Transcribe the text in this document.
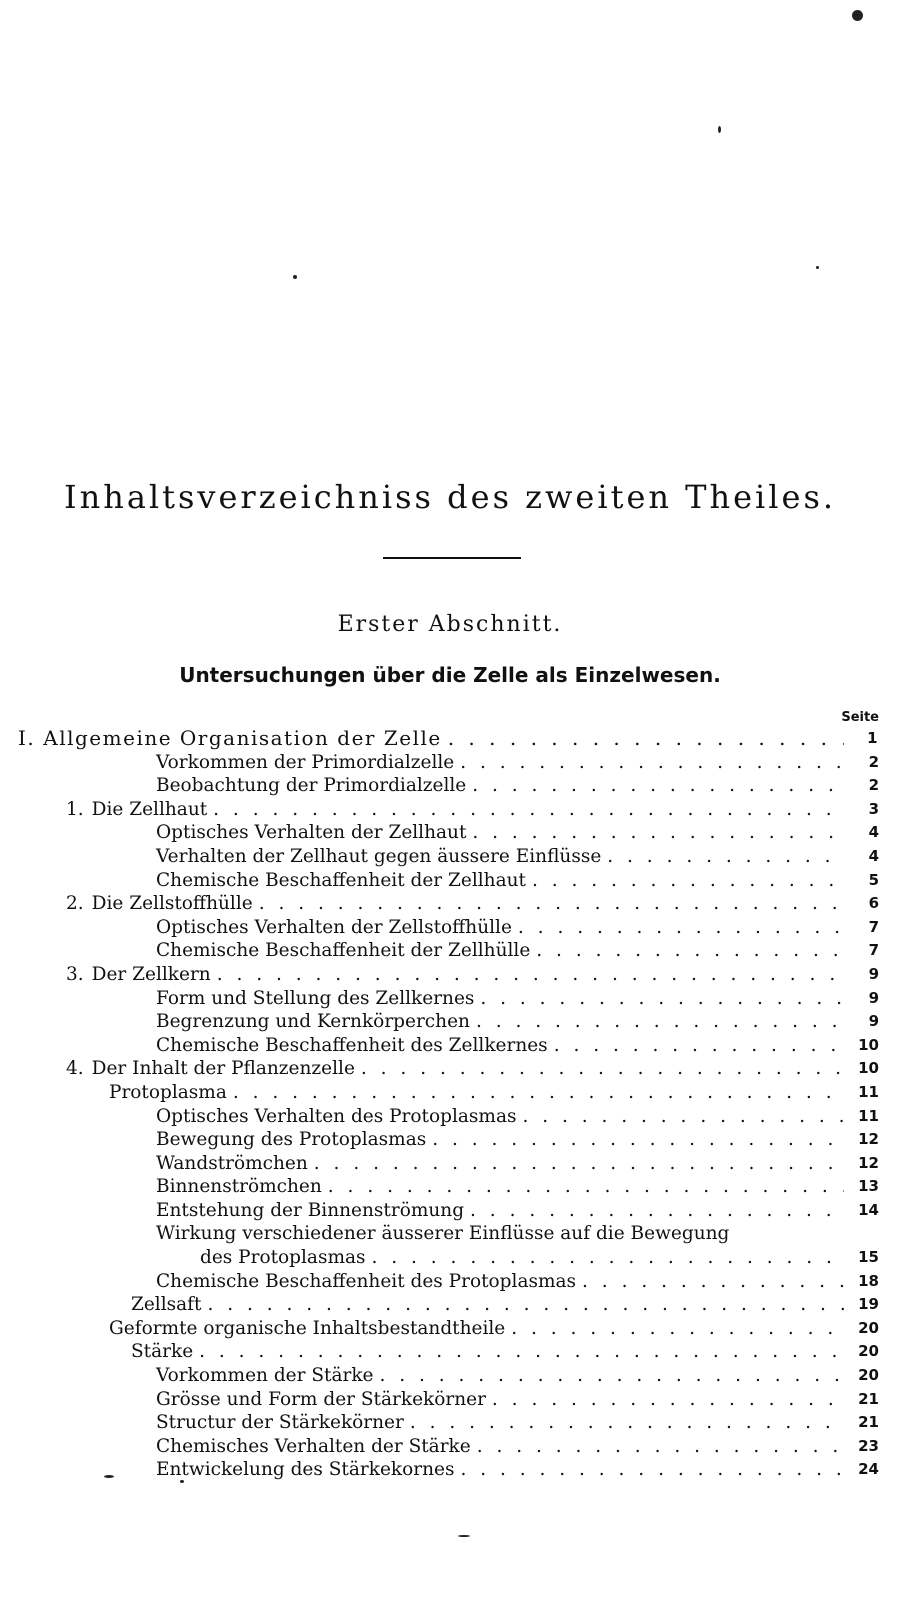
Inhaltsverzeichniss des zweiten Theiles.
Erster Abschnitt.
Untersuchungen über die Zelle als Einzelwesen.
Seite
I. Allgemeine Organisation der Zelle . . .	1
Vorkommen der Primordialzelle . . .	2
Beobachtung der Primordialzelle . . .	2
1. Die Zellhaut . . .	3
Optisches Verhalten der Zellhaut . . .	4
Verhalten der Zellhaut gegen äussere Einflüsse . . .	4
Chemische Beschaffenheit der Zellhaut . . .	5
2. Die Zellstoffhülle . . .	6
Optisches Verhalten der Zellstoffhülle . . .	7
Chemische Beschaffenheit der Zellhülle . . .	7
3. Der Zellkern . . .	9
Form und Stellung des Zellkernes . . .	9
Begrenzung und Kernkörperchen . . .	9
Chemische Beschaffenheit des Zellkernes . . .	10
4. Der Inhalt der Pflanzenzelle . . .	10
Protoplasma . . .	11
Optisches Verhalten des Protoplasmas . . .	11
Bewegung des Protoplasmas . . .	12
Wandströmchen . . .	12
Binnenströmchen . . .	13
Entstehung der Binnenströmung . . .	14
Wirkung verschiedener äusserer Einflüsse auf die Bewegung
des Protoplasmas . . .	15
Chemische Beschaffenheit des Protoplasmas . . .	18
Zellsaft . . .	19
Geformte organische Inhaltsbestandtheile . . .	20
Stärke . . .	20
Vorkommen der Stärke . . .	20
Grösse und Form der Stärkekörner . . .	21
Structur der Stärkekörner . . .	21
Chemisches Verhalten der Stärke . . .	23
Entwickelung des Stärkekornes . . .	24
